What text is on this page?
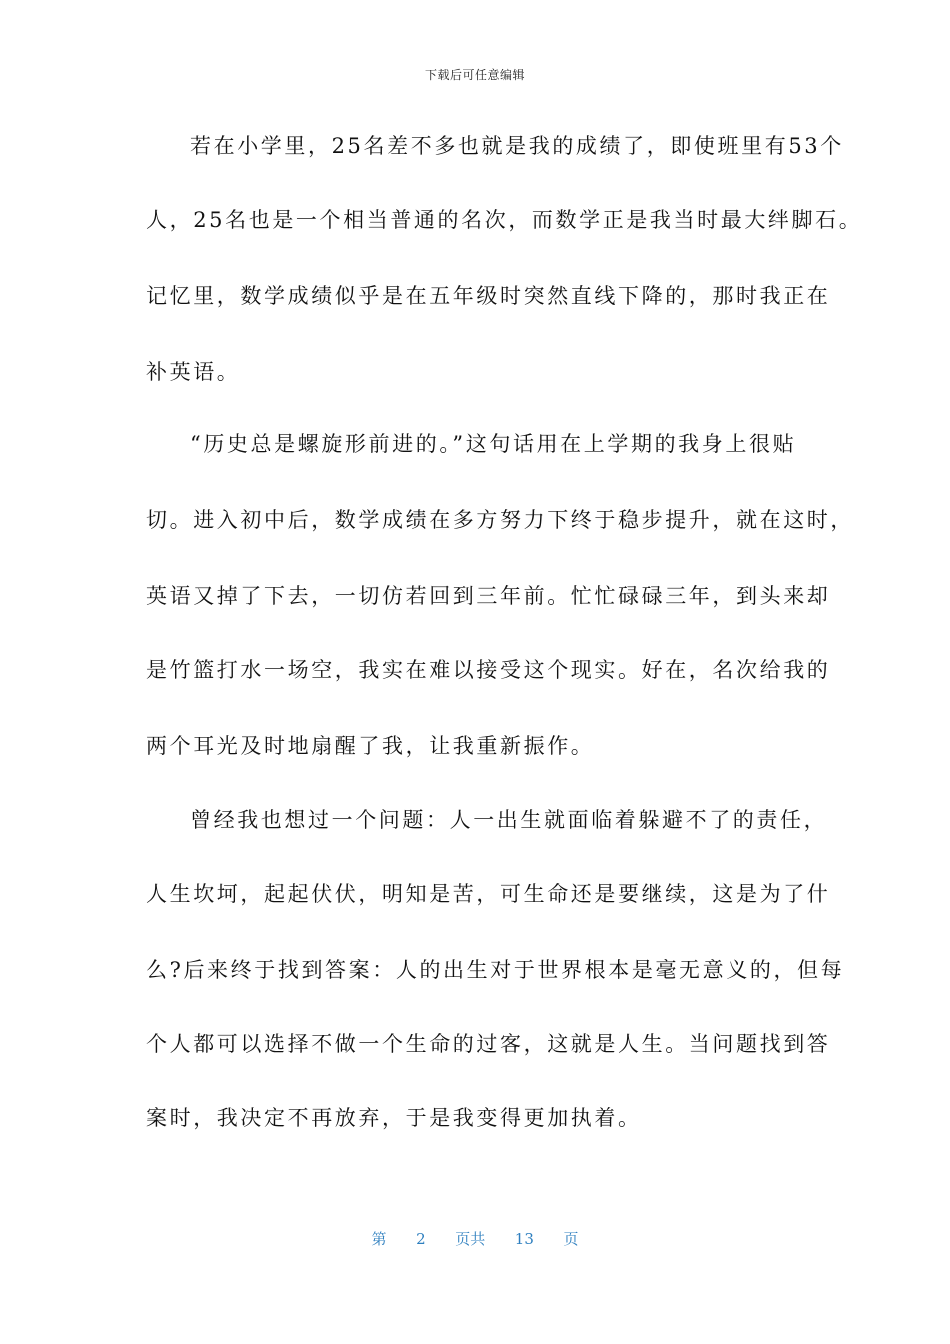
下载后可任意编辑
若在小学里，25名差不多也就是我的成绩了，即使班里有53个
人，25名也是一个相当普通的名次，而数学正是我当时最大绊脚石。
记忆里，数学成绩似乎是在五年级时突然直线下降的，那时我正在
补英语。
“历史总是螺旋形前进的。”这句话用在上学期的我身上很贴
切。进入初中后，数学成绩在多方努力下终于稳步提升，就在这时，
英语又掉了下去，一切仿若回到三年前。忙忙碌碌三年，到头来却
是竹篮打水一场空，我实在难以接受这个现实。好在，名次给我的
两个耳光及时地扇醒了我，让我重新振作。
曾经我也想过一个问题：人一出生就面临着躲避不了的责任，
人生坎坷，起起伏伏，明知是苦，可生命还是要继续，这是为了什
么?后来终于找到答案：人的出生对于世界根本是毫无意义的，但每
个人都可以选择不做一个生命的过客，这就是人生。当问题找到答
案时，我决定不再放弃，于是我变得更加执着。
第 2 页共 13 页
